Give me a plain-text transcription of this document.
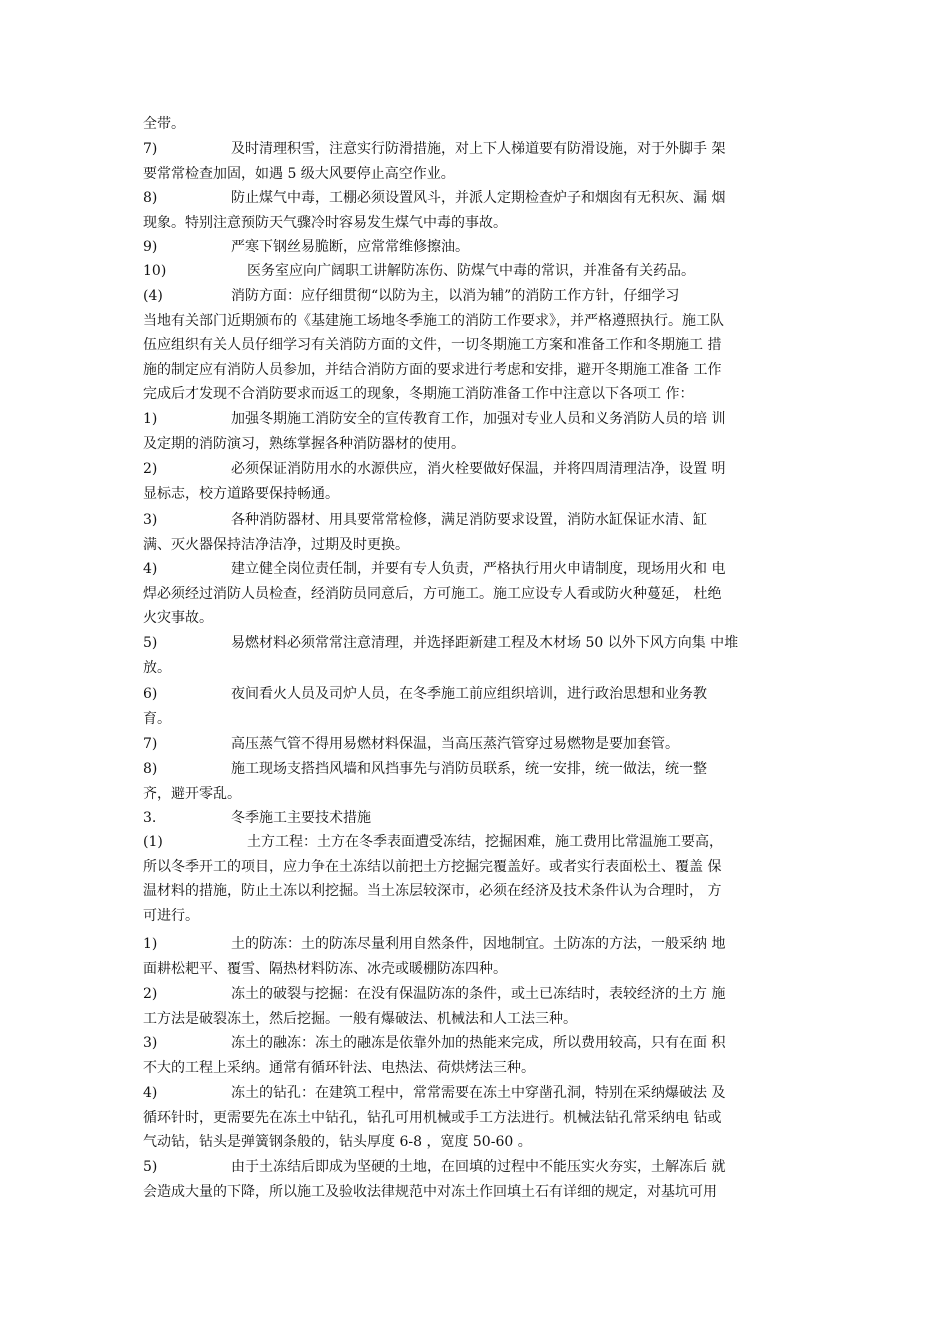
全带。
7)	及时清理积雪，注意实行防滑措施，对上下人梯道要有防滑设施，对于外脚手 架
要常常检查加固，如遇 5 级大风要停止高空作业。
8)	防止煤气中毒，工棚必须设置风斗，并派人定期检查炉子和烟囱有无积灰、漏 烟
现象。特别注意预防天气骤冷时容易发生煤气中毒的事故。
9)	严寒下钢丝易脆断，应常常维修擦油。
10)	医务室应向广阔职工讲解防冻伤、防煤气中毒的常识，并准备有关药品。
(4)	消防方面：应仔细贯彻“以防为主，以消为辅”的消防工作方针，仔细学习
当地有关部门近期颁布的《基建施工场地冬季施工的消防工作要求》，并严格遵照执行。施工队
伍应组织有关人员仔细学习有关消防方面的文件，一切冬期施工方案和准备工作和冬期施工 措
施的制定应有消防人员参加，并结合消防方面的要求进行考虑和安排，避开冬期施工准备 工作
完成后才发现不合消防要求而返工的现象，冬期施工消防准备工作中注意以下各项工 作：
1)	加强冬期施工消防安全的宣传教育工作，加强对专业人员和义务消防人员的培 训
及定期的消防演习，熟练掌握各种消防器材的使用。
2)	必须保证消防用水的水源供应，消火栓要做好保温，并将四周清理洁净，设置 明
显标志，校方道路要保持畅通。
3)	各种消防器材、用具要常常检修，满足消防要求设置，消防水缸保证水清、缸
满、灭火器保持洁净洁净，过期及时更换。
4)	建立健全岗位责任制，并要有专人负责，严格执行用火申请制度，现场用火和 电
焊必须经过消防人员检查，经消防员同意后，方可施工。施工应设专人看或防火种蔓延， 杜绝
火灾事故。
5)	易燃材料必须常常注意清理，并选择距新建工程及木材场 50 以外下风方向集 中堆
放。
6)	夜间看火人员及司炉人员，在冬季施工前应组织培训，进行政治思想和业务教
育。
7)	高压蒸气管不得用易燃材料保温，当高压蒸汽管穿过易燃物是要加套管。
8)	施工现场支搭挡风墙和风挡事先与消防员联系，统一安排，统一做法，统一整
齐，避开零乱。
3.	冬季施工主要技术措施
(1)	土方工程：土方在冬季表面遭受冻结，挖掘困难，施工费用比常温施工要高，
所以冬季开工的项目，应力争在土冻结以前把土方挖掘完覆盖好。或者实行表面松土、覆盖 保
温材料的措施，防止土冻以利挖掘。当土冻层较深市，必须在经济及技术条件认为合理时， 方
可进行。
1)	土的防冻：土的防冻尽量利用自然条件，因地制宜。土防冻的方法，一般采纳 地
面耕松耙平、覆雪、隔热材料防冻、冰壳或暖棚防冻四种。
2)	冻土的破裂与挖掘：在没有保温防冻的条件，或土已冻结时，表较经济的土方 施
工方法是破裂冻土，然后挖掘。一般有爆破法、机械法和人工法三种。
3)	冻土的融冻：冻土的融冻是依靠外加的热能来完成，所以费用较高，只有在面 积
不大的工程上采纳。通常有循环针法、电热法、荷烘烤法三种。
4)	冻土的钻孔：在建筑工程中，常常需要在冻土中穿凿孔洞，特别在采纳爆破法 及
循环针时，更需要先在冻土中钻孔，钻孔可用机械或手工方法进行。机械法钻孔常采纳电 钻或
气动钻，钻头是弹簧钢条般的，钻头厚度 6-8 ，宽度 50-60 。
5)	由于土冻结后即成为坚硬的土地，在回填的过程中不能压实火夯实，土解冻后 就
会造成大量的下降，所以施工及验收法律规范中对冻土作回填土石有详细的规定，对基坑可用
